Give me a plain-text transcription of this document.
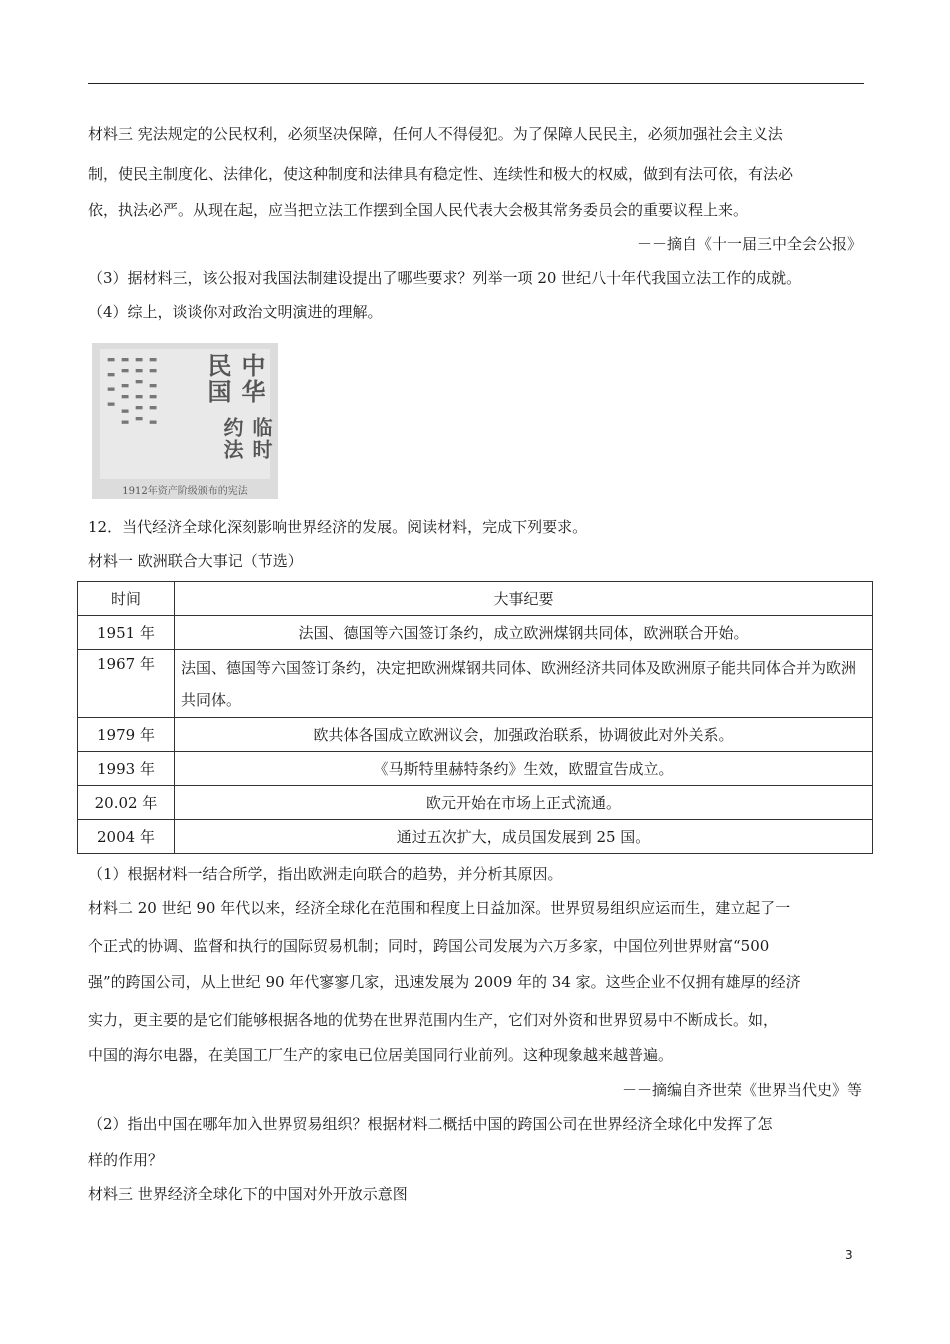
材料三 宪法规定的公民权利，必须坚决保障，任何人不得侵犯。为了保障人民民主，必须加强社会主义法
制，使民主制度化、法律化，使这种制度和法律具有稳定性、连续性和极大的权威，做到有法可依，有法必
依，执法必严。从现在起，应当把立法工作摆到全国人民代表大会极其常务委员会的重要议程上来。
－－摘自《十一届三中全会公报》
（3）据材料三，该公报对我国法制建设提出了哪些要求？列举一项 20 世纪八十年代我国立法工作的成就。
（4）综上，谈谈你对政治文明演进的理解。
▬ ▬ ▬ ▬ ▬▬ ▬▬ ▬▬ ▬▬▬ ▬▬▬ ▬▬ ▬▬▬ ▬ 民国 中华
临时约法
1912年资产阶级颁布的宪法
12．当代经济全球化深刻影响世界经济的发展。阅读材料，完成下列要求。
材料一 欧洲联合大事记（节选）
时间	大事纪要
1951 年	法国、德国等六国签订条约，成立欧洲煤钢共同体，欧洲联合开始。
1967 年	法国、德国等六国签订条约，决定把欧洲煤钢共同体、欧洲经济共同体及欧洲原子能共同体合并为欧洲共同体。
1979 年	欧共体各国成立欧洲议会，加强政治联系，协调彼此对外关系。
1993 年	《马斯特里赫特条约》生效，欧盟宣告成立。
20.02 年	欧元开始在市场上正式流通。
2004 年	通过五次扩大，成员国发展到 25 国。
（1）根据材料一结合所学，指出欧洲走向联合的趋势，并分析其原因。
材料二 20 世纪 90 年代以来，经济全球化在范围和程度上日益加深。世界贸易组织应运而生，建立起了一
个正式的协调、监督和执行的国际贸易机制；同时，跨国公司发展为六万多家，中国位列世界财富“500
强”的跨国公司，从上世纪 90 年代寥寥几家，迅速发展为 2009 年的 34 家。这些企业不仅拥有雄厚的经济
实力，更主要的是它们能够根据各地的优势在世界范围内生产，它们对外资和世界贸易中不断成长。如，
中国的海尔电器，在美国工厂生产的家电已位居美国同行业前列。这种现象越来越普遍。
－－摘编自齐世荣《世界当代史》等
（2）指出中国在哪年加入世界贸易组织？根据材料二概括中国的跨国公司在世界经济全球化中发挥了怎
样的作用？
材料三 世界经济全球化下的中国对外开放示意图
3
